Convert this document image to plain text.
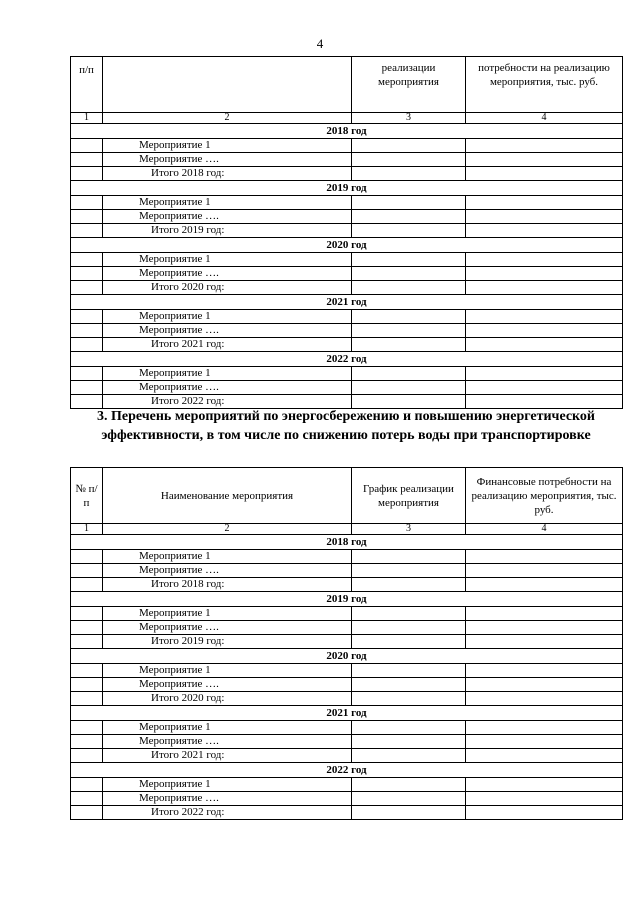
4
п/п		реализации мероприятия	потребности на реализацию мероприятия, тыс. руб.
1	2	3	4
2018 год			
	Мероприятие 1		
	Мероприятие ….		
	Итого 2018 год:		
2019 год			
	Мероприятие 1		
	Мероприятие ….		
	Итого 2019 год:		
2020 год			
	Мероприятие 1		
	Мероприятие ….		
	Итого 2020 год:		
2021 год			
	Мероприятие 1		
	Мероприятие ….		
	Итого 2021 год:		
2022 год			
	Мероприятие 1		
	Мероприятие ….		
	Итого 2022 год:		
3. Перечень мероприятий по энергосбережению и повышению энергетической эффективности, в том числе по снижению потерь воды при транспортировке
№ п/п	Наименование мероприятия	График реализации мероприятия	Финансовые потребности на реализацию мероприятия, тыс. руб.
1	2	3	4
2018 год			
	Мероприятие 1		
	Мероприятие ….		
	Итого 2018 год:		
2019 год			
	Мероприятие 1		
	Мероприятие ….		
	Итого 2019 год:		
2020 год			
	Мероприятие 1		
	Мероприятие ….		
	Итого 2020 год:		
2021 год			
	Мероприятие 1		
	Мероприятие ….		
	Итого 2021 год:		
2022 год			
	Мероприятие 1		
	Мероприятие ….		
	Итого 2022 год:		
